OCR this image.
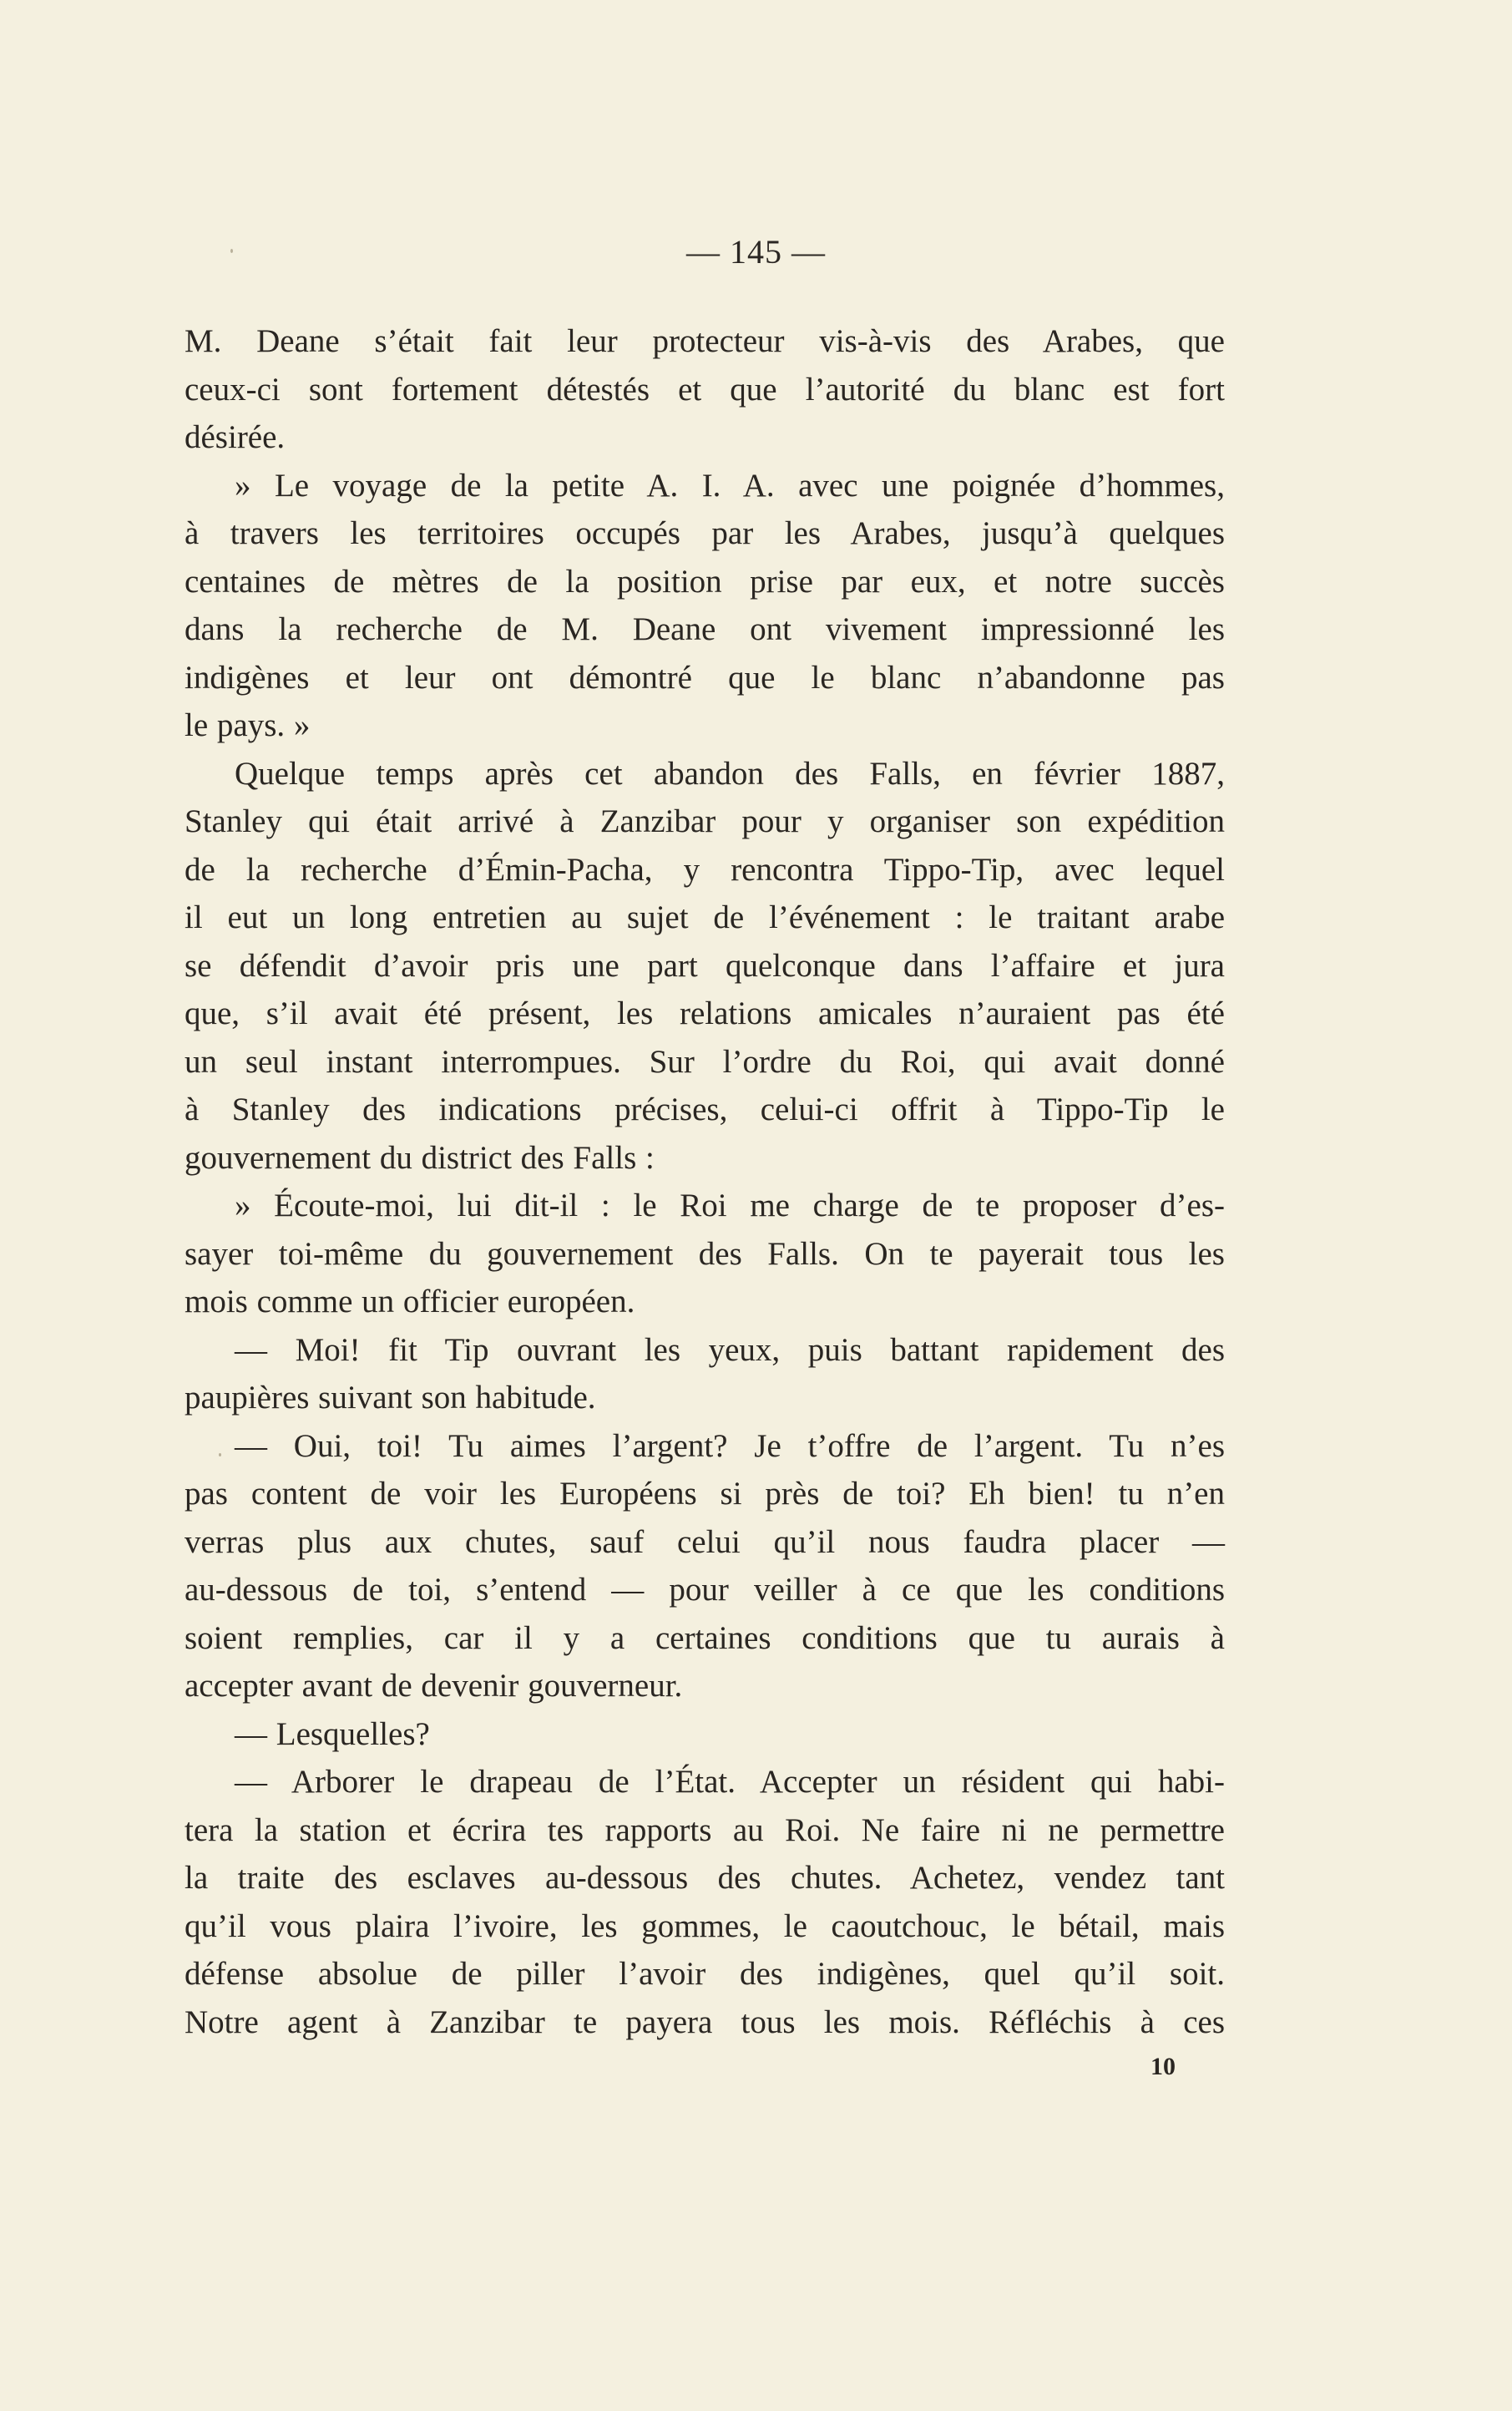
— 145 —
M. Deane s’était fait leur protecteur vis-à-vis des Arabes, que
ceux-ci sont fortement détestés et que l’autorité du blanc est fort
désirée.
» Le voyage de la petite A. I. A. avec une poignée d’hommes,
à travers les territoires occupés par les Arabes, jusqu’à quelques
centaines de mètres de la position prise par eux, et notre succès
dans la recherche de M. Deane ont vivement impressionné les
indigènes et leur ont démontré que le blanc n’abandonne pas
le pays. »
Quelque temps après cet abandon des Falls, en février 1887,
Stanley qui était arrivé à Zanzibar pour y organiser son expédition
de la recherche d’Émin-Pacha, y rencontra Tippo-Tip, avec lequel
il eut un long entretien au sujet de l’événement : le traitant arabe
se défendit d’avoir pris une part quelconque dans l’affaire et jura
que, s’il avait été présent, les relations amicales n’auraient pas été
un seul instant interrompues. Sur l’ordre du Roi, qui avait donné
à Stanley des indications précises, celui-ci offrit à Tippo-Tip le
gouvernement du district des Falls :
» Écoute-moi, lui dit-il : le Roi me charge de te proposer d’es-
sayer toi-même du gouvernement des Falls. On te payerait tous les
mois comme un officier européen.
— Moi! fit Tip ouvrant les yeux, puis battant rapidement des
paupières suivant son habitude.
— Oui, toi! Tu aimes l’argent? Je t’offre de l’argent. Tu n’es
pas content de voir les Européens si près de toi? Eh bien! tu n’en
verras plus aux chutes, sauf celui qu’il nous faudra placer —
au-dessous de toi, s’entend — pour veiller à ce que les conditions
soient remplies, car il y a certaines conditions que tu aurais à
accepter avant de devenir gouverneur.
— Lesquelles?
— Arborer le drapeau de l’État. Accepter un résident qui habi-
tera la station et écrira tes rapports au Roi. Ne faire ni ne permettre
la traite des esclaves au-dessous des chutes. Achetez, vendez tant
qu’il vous plaira l’ivoire, les gommes, le caoutchouc, le bétail, mais
défense absolue de piller l’avoir des indigènes, quel qu’il soit.
Notre agent à Zanzibar te payera tous les mois. Réfléchis à ces
10
